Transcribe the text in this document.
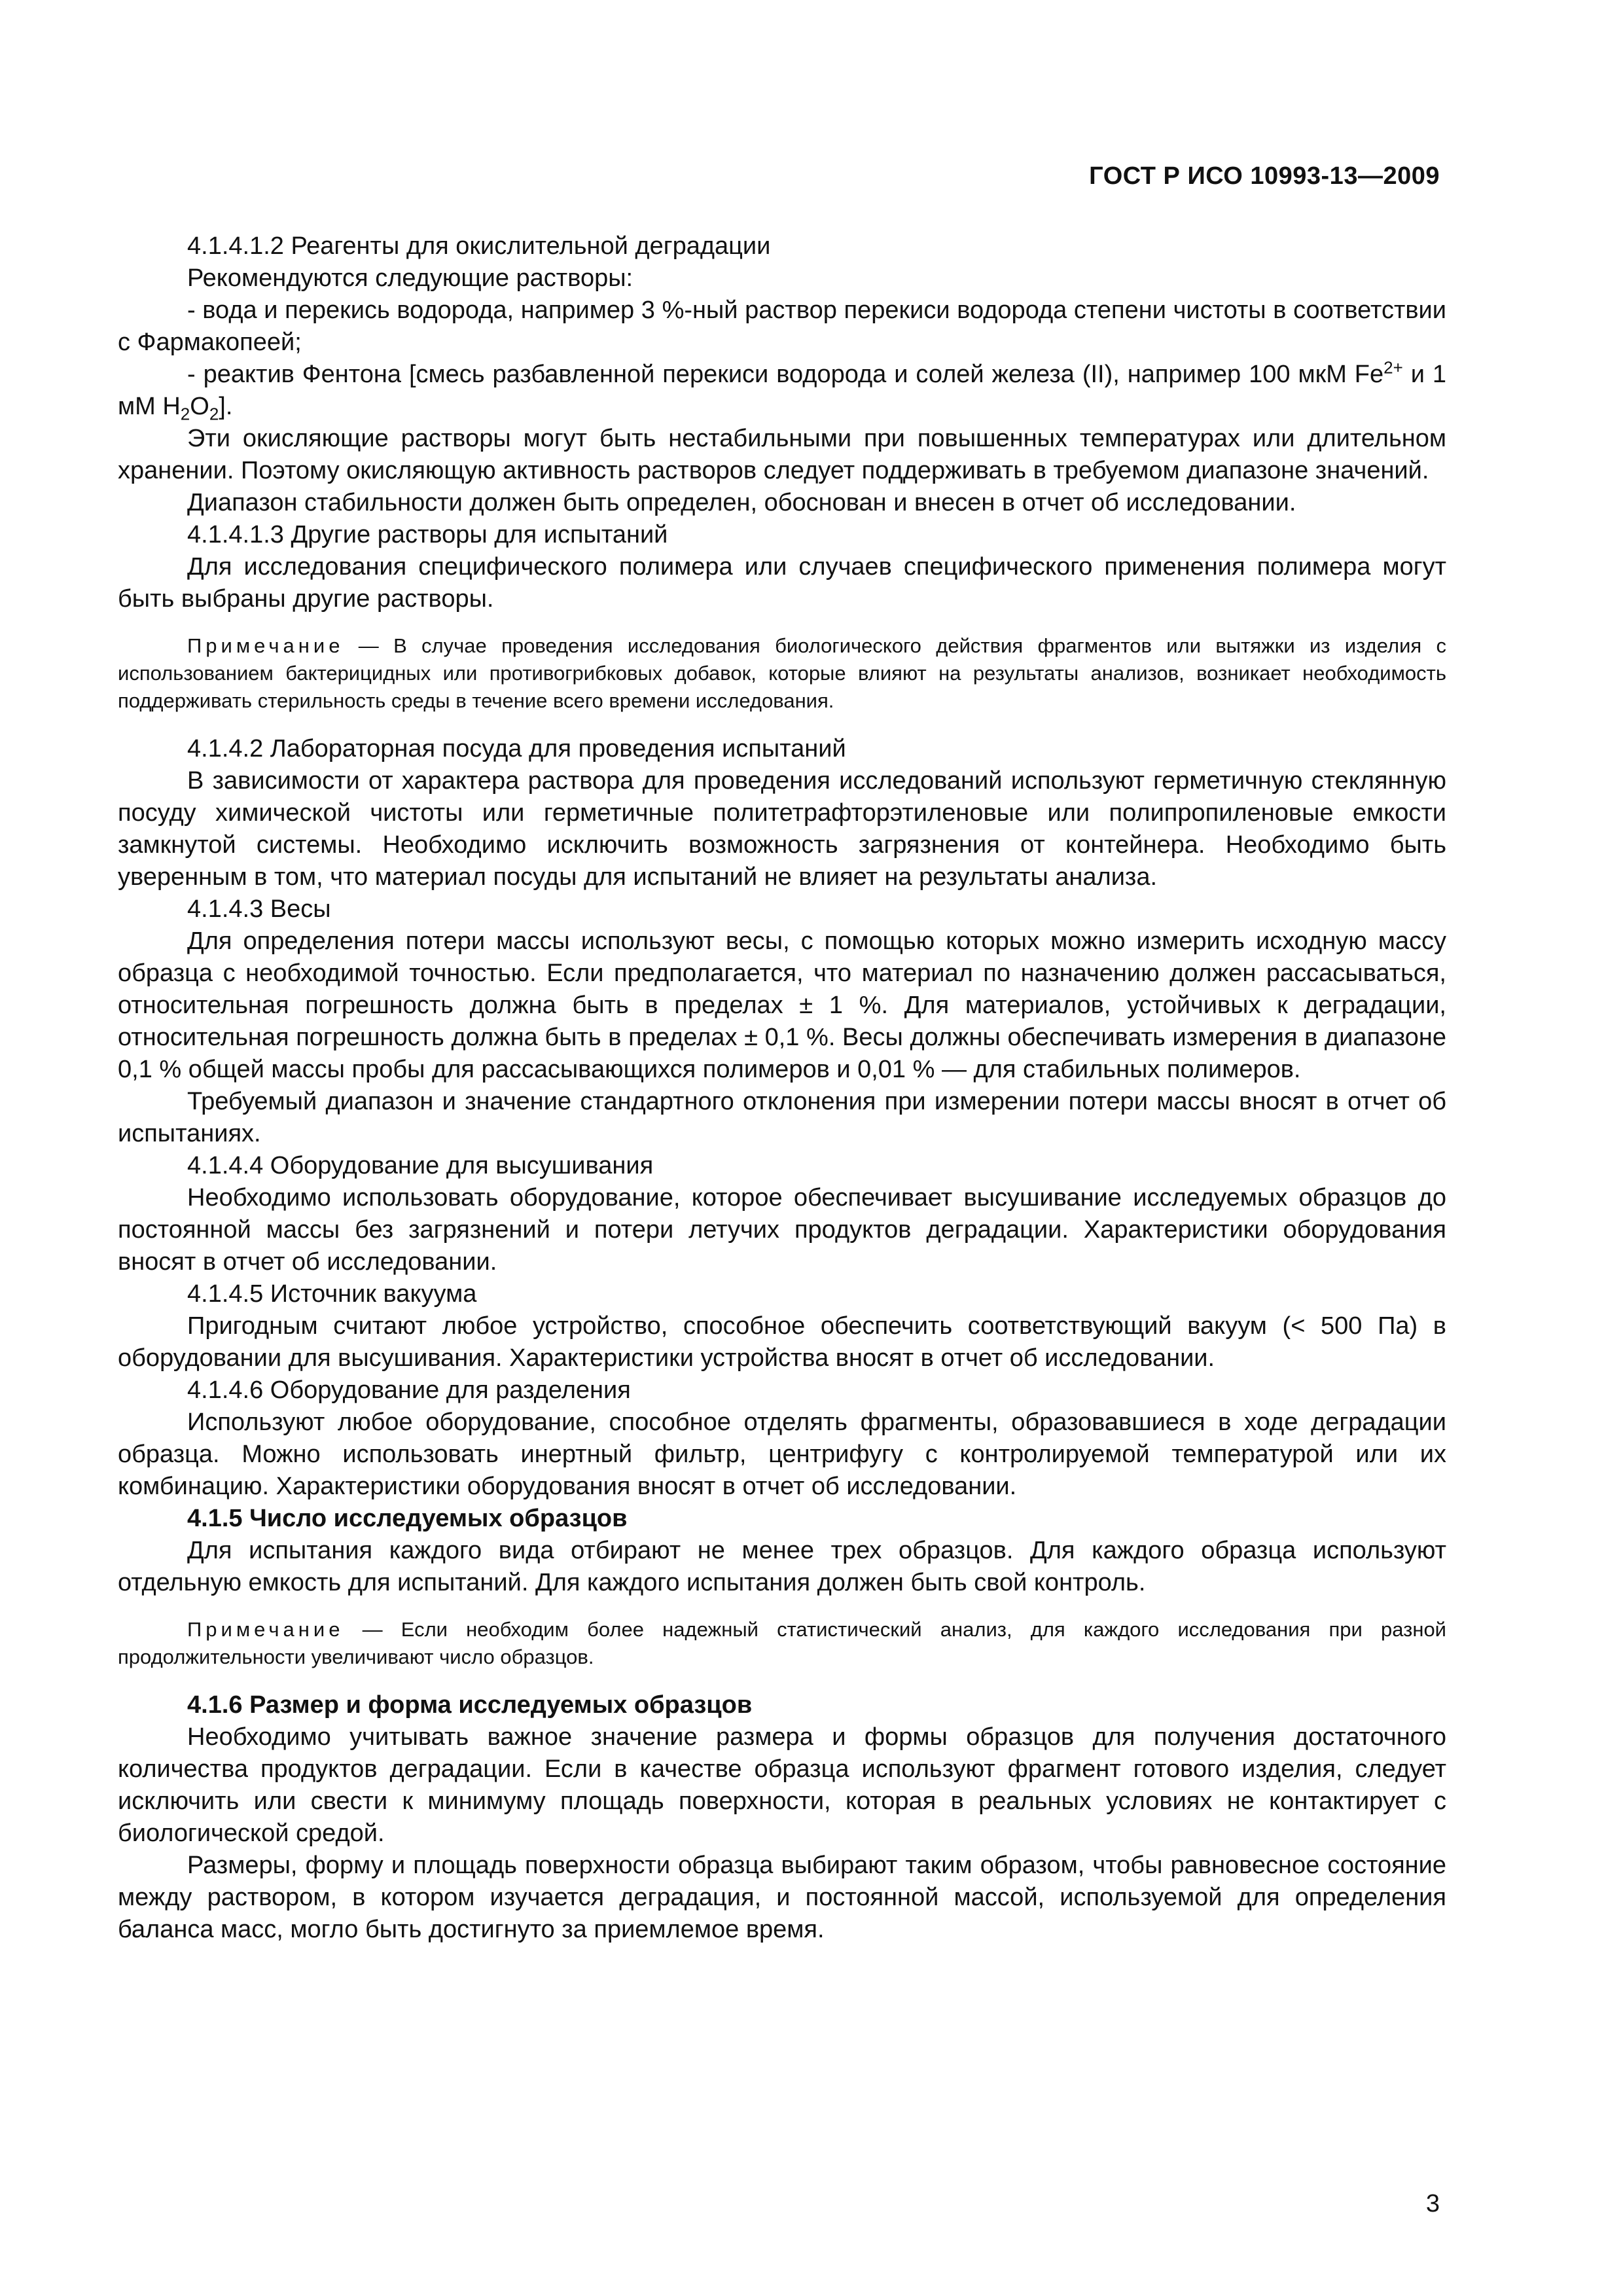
ГОСТ Р ИСО 10993-13—2009

4.1.4.1.2 Реагенты для окислительной деградации

Рекомендуются следующие растворы:

- вода и перекись водорода, например 3 %-ный раствор перекиси водорода степени чистоты в соответствии с Фармакопеей;

- реактив Фентона [смесь разбавленной перекиси водорода и солей железа (II), например 100 мкМ $Fe^{2+}$ и 1 мМ $H_2O_2$].

Эти окисляющие растворы могут быть нестабильными при повышенных температурах или длительном хранении. Поэтому окисляющую активность растворов следует поддерживать в требуемом диапазоне значений.

Диапазон стабильности должен быть определен, обоснован и внесен в отчет об исследовании.

4.1.4.1.3 Другие растворы для испытаний

Для исследования специфического полимера или случаев специфического применения полимера могут быть выбраны другие растворы.

Примечание — В случае проведения исследования биологического действия фрагментов или вытяжки из изделия с использованием бактерицидных или противогрибковых добавок, которые влияют на результаты анализов, возникает необходимость поддерживать стерильность среды в течение всего времени исследования.

4.1.4.2 Лабораторная посуда для проведения испытаний

В зависимости от характера раствора для проведения исследований используют герметичную стеклянную посуду химической чистоты или герметичные политетрафторэтиленовые или полипропиленовые емкости замкнутой системы. Необходимо исключить возможность загрязнения от контейнера. Необходимо быть уверенным в том, что материал посуды для испытаний не влияет на результаты анализа.

4.1.4.3 Весы

Для определения потери массы используют весы, с помощью которых можно измерить исходную массу образца с необходимой точностью. Если предполагается, что материал по назначению должен рассасываться, относительная погрешность должна быть в пределах ± 1 %. Для материалов, устойчивых к деградации, относительная погрешность должна быть в пределах ± 0,1 %. Весы должны обеспечивать измерения в диапазоне 0,1 % общей массы пробы для рассасывающихся полимеров и 0,01 % — для стабильных полимеров.

Требуемый диапазон и значение стандартного отклонения при измерении потери массы вносят в отчет об испытаниях.

4.1.4.4 Оборудование для высушивания

Необходимо использовать оборудование, которое обеспечивает высушивание исследуемых образцов до постоянной массы без загрязнений и потери летучих продуктов деградации. Характеристики оборудования вносят в отчет об исследовании.

4.1.4.5 Источник вакуума

Пригодным считают любое устройство, способное обеспечить соответствующий вакуум (< 500 Па) в оборудовании для высушивания. Характеристики устройства вносят в отчет об исследовании.

4.1.4.6 Оборудование для разделения

Используют любое оборудование, способное отделять фрагменты, образовавшиеся в ходе деградации образца. Можно использовать инертный фильтр, центрифугу с контролируемой температурой или их комбинацию. Характеристики оборудования вносят в отчет об исследовании.

4.1.5 Число исследуемых образцов

Для испытания каждого вида отбирают не менее трех образцов. Для каждого образца используют отдельную емкость для испытаний. Для каждого испытания должен быть свой контроль.

Примечание — Если необходим более надежный статистический анализ, для каждого исследования при разной продолжительности увеличивают число образцов.

4.1.6 Размер и форма исследуемых образцов

Необходимо учитывать важное значение размера и формы образцов для получения достаточного количества продуктов деградации. Если в качестве образца используют фрагмент готового изделия, следует исключить или свести к минимуму площадь поверхности, которая в реальных условиях не контактирует с биологической средой.

Размеры, форму и площадь поверхности образца выбирают таким образом, чтобы равновесное состояние между раствором, в котором изучается деградация, и постоянной массой, используемой для определения баланса масс, могло быть достигнуто за приемлемое время.

3
